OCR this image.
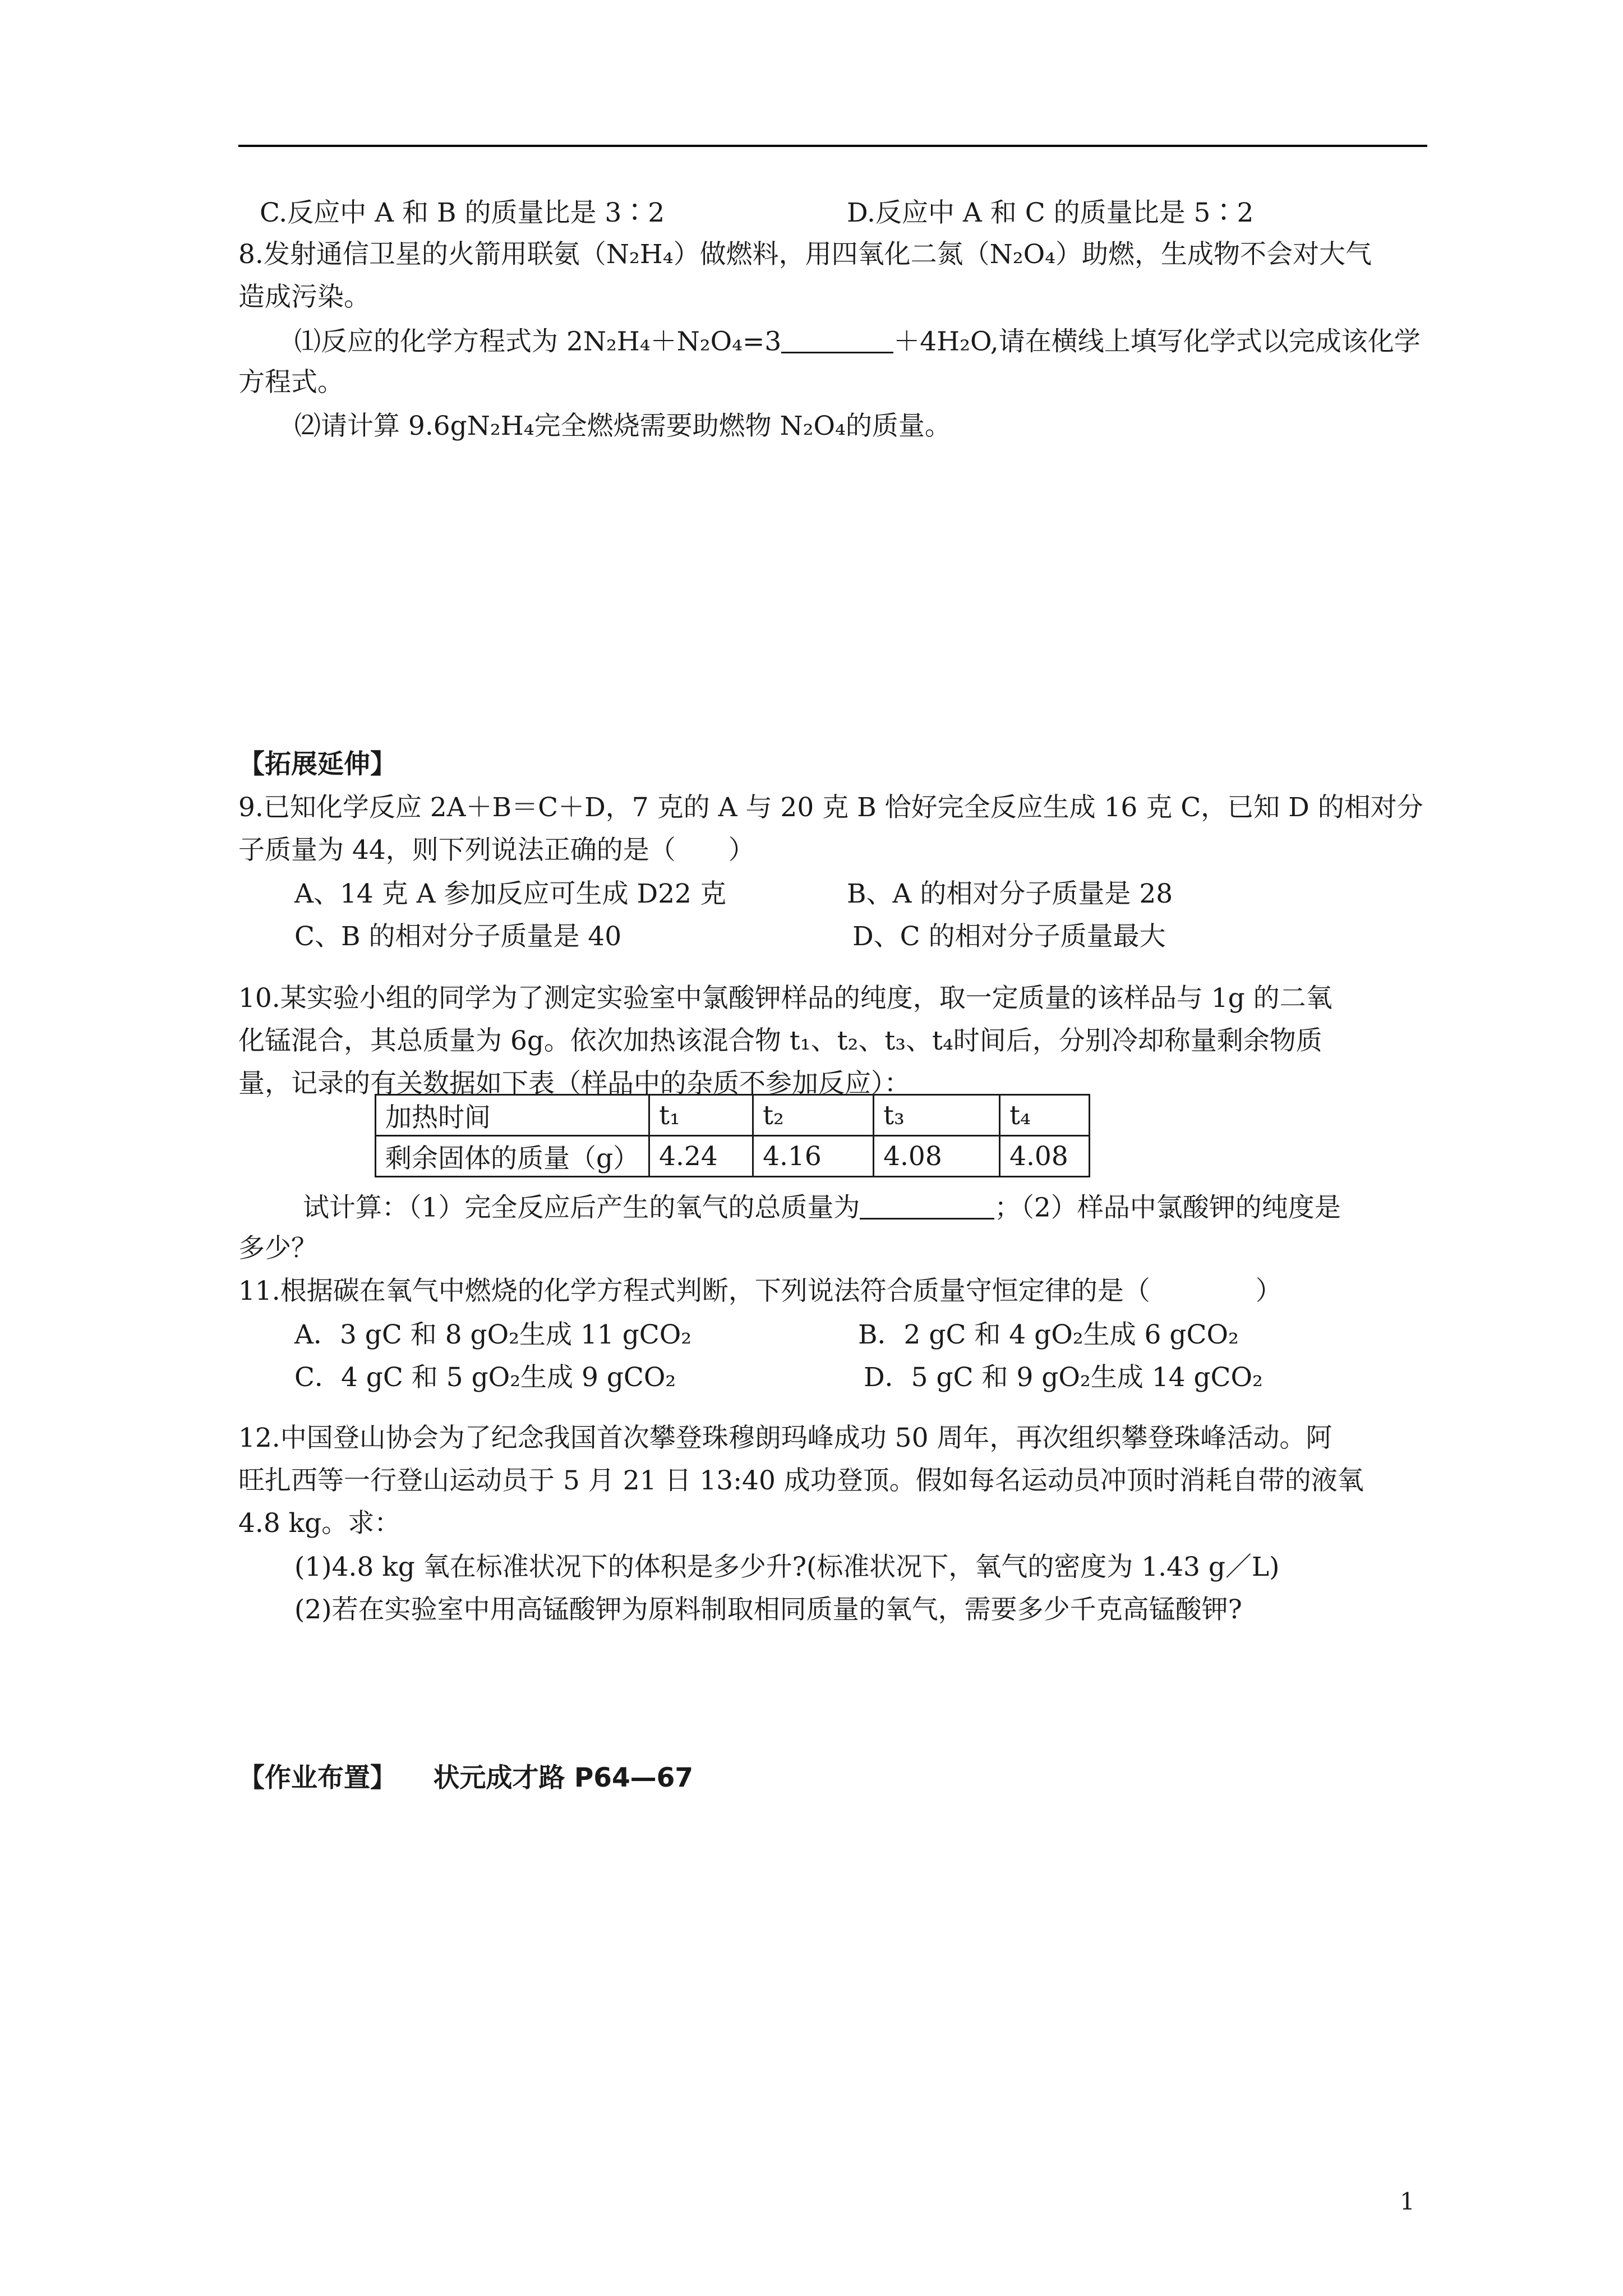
C.反应中 A 和 B 的质量比是 3∶2	D.反应中 A 和 C 的质量比是 5∶2
8.发射通信卫星的火箭用联氨（N₂H₄）做燃料，用四氧化二氮（N₂O₄）助燃，生成物不会对大气
造成污染。
⑴反应的化学方程式为 2N₂H₄＋N₂O₄=3	＋4H₂O,请在横线上填写化学式以完成该化学
方程式。
⑵请计算 9.6gN₂H₄完全燃烧需要助燃物 N₂O₄的质量。
【拓展延伸】
9.已知化学反应 2A＋B＝C＋D，7 克的 A 与 20 克 B 恰好完全反应生成 16 克 C，已知 D 的相对分
子质量为 44，则下列说法正确的是（　　）
A、14 克 A 参加反应可生成 D22 克	B、A 的相对分子质量是 28
C、B 的相对分子质量是 40	D、C 的相对分子质量最大
10.某实验小组的同学为了测定实验室中氯酸钾样品的纯度，取一定质量的该样品与 1g 的二氧
化锰混合，其总质量为 6g。依次加热该混合物 t₁、t₂、t₃、t₄时间后，分别冷却称量剩余物质
量，记录的有关数据如下表（样品中的杂质不参加反应）：
加热时间	t₁	t₂	t₃	t₄
剩余固体的质量（g）	4.24	4.16	4.08	4.08
试计算：（1）完全反应后产生的氧气的总质量为	；（2）样品中氯酸钾的纯度是
多少？
11.根据碳在氧气中燃烧的化学方程式判断，下列说法符合质量守恒定律的是（　　　　）
A．3 gC 和 8 gO₂生成 11 gCO₂	B．2 gC 和 4 gO₂生成 6 gCO₂
C．4 gC 和 5 gO₂生成 9 gCO₂	D．5 gC 和 9 gO₂生成 14 gCO₂
12.中国登山协会为了纪念我国首次攀登珠穆朗玛峰成功 50 周年，再次组织攀登珠峰活动。阿
旺扎西等一行登山运动员于 5 月 21 日 13:40 成功登顶。假如每名运动员冲顶时消耗自带的液氧
4.8 kg。求：
(1)4.8 kg 氧在标准状况下的体积是多少升?(标准状况下，氧气的密度为 1.43 g／L)
(2)若在实验室中用高锰酸钾为原料制取相同质量的氧气，需要多少千克高锰酸钾?
【作业布置】 状元成才路 P64—67
1
